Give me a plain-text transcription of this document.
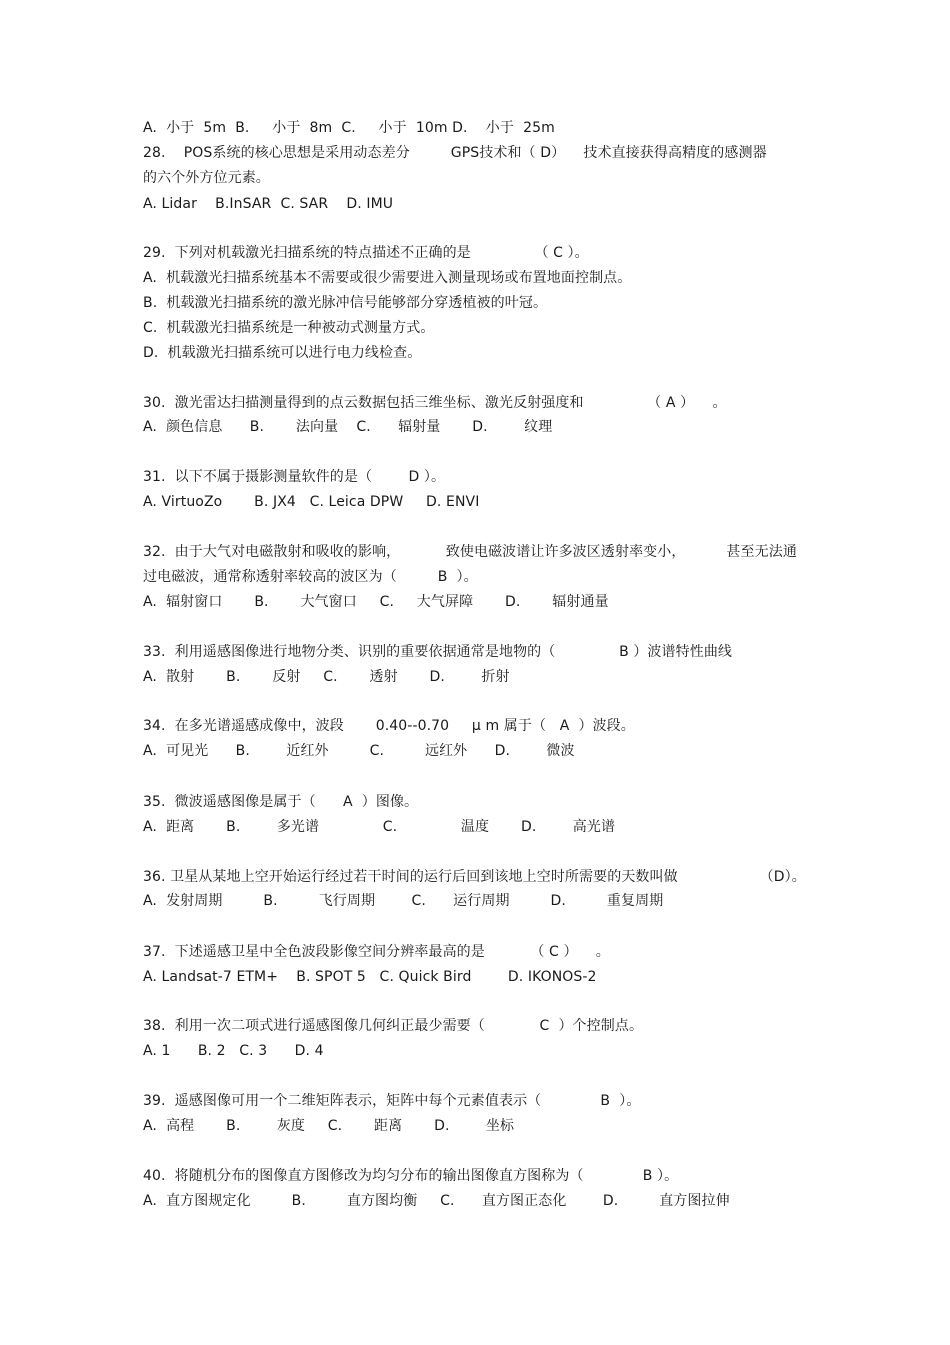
A.  小于  5m  B.     小于  8m  C.     小于  10m D.    小于  25m
28.    POS系统的核心思想是采用动态差分         GPS技术和（ D）    技术直接获得高精度的感测器
的六个外方位元素。
A. Lidar    B.InSAR  C. SAR    D. IMU
29.  下列对机载激光扫描系统的特点描述不正确的是              （ C ）。
A.  机载激光扫描系统基本不需要或很少需要进入测量现场或布置地面控制点。
B.  机载激光扫描系统的激光脉冲信号能够部分穿透植被的叶冠。
C.  机载激光扫描系统是一种被动式测量方式。
D.  机载激光扫描系统可以进行电力线检查。
30.  激光雷达扫描测量得到的点云数据包括三维坐标、激光反射强度和              （ A ）    。
A.  颜色信息      B.       法向量    C.      辐射量       D.        纹理
31.  以下不属于摄影测量软件的是（        D ）。
A. VirtuoZo       B. JX4   C. Leica DPW     D. ENVI
32.  由于大气对电磁散射和吸收的影响，          致使电磁波谱让许多波区透射率变小，         甚至无法通
过电磁波，通常称透射率较高的波区为（         B  ）。
A.  辐射窗口       B.       大气窗口     C.     大气屏障       D.       辐射通量
33.  利用遥感图像进行地物分类、识别的重要依据通常是地物的（              B ）波谱特性曲线
A.  散射       B.       反射     C.       透射       D.        折射
34.  在多光谱遥感成像中，波段       0.40--0.70     μ m 属于（   A  ）波段。
A.  可见光      B.        近红外         C.         远红外      D.        微波
35.  微波遥感图像是属于（      A  ）图像。
A.  距离       B.        多光谱              C.              温度       D.        高光谱
36. 卫星从某地上空开始运行经过若干时间的运行后回到该地上空时所需要的天数叫做                  （D）。
A.  发射周期         B.         飞行周期        C.      运行周期         D.         重复周期
37.  下述遥感卫星中全色波段影像空间分辨率最高的是          （ C ）    。
A. Landsat-7 ETM+    B. SPOT 5   C. Quick Bird        D. IKONOS-2
38.  利用一次二项式进行遥感图像几何纠正最少需要（            C  ）个控制点。
A. 1      B. 2   C. 3      D. 4
39.  遥感图像可用一个二维矩阵表示，矩阵中每个元素值表示（             B  ）。
A.  高程       B.        灰度     C.       距离       D.        坐标
40.  将随机分布的图像直方图修改为均匀分布的输出图像直方图称为（             B ）。
A.  直方图规定化         B.         直方图均衡     C.      直方图正态化        D.         直方图拉伸
